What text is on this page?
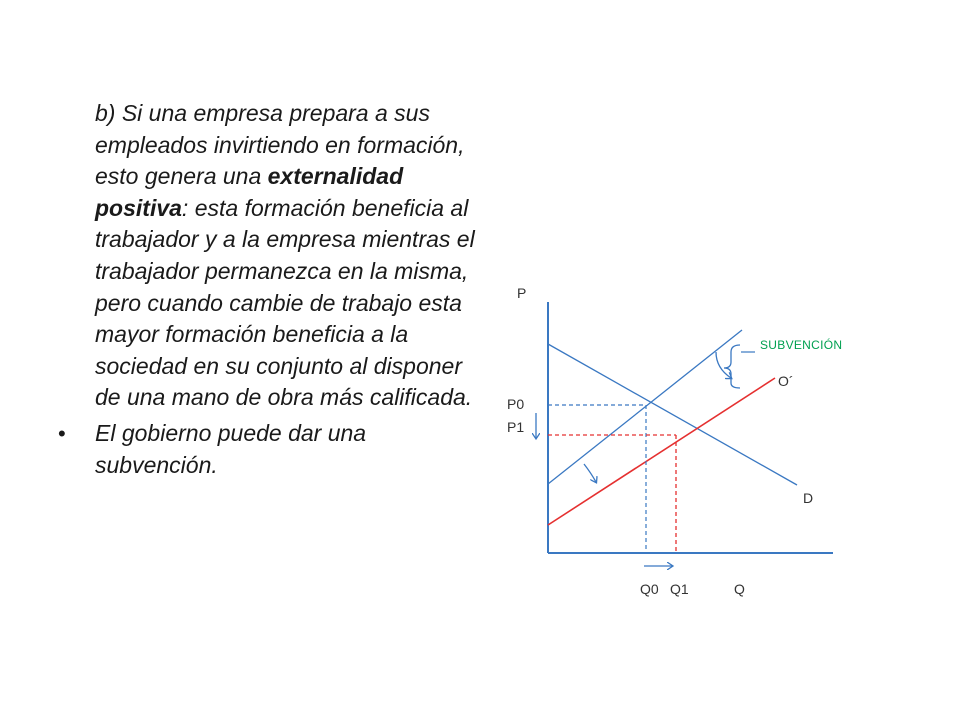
b) Si una empresa prepara a sus empleados invirtiendo en formación, esto genera una externalidad positiva: esta formación beneficia al trabajador y a la empresa mientras el trabajador permanezca en la misma, pero cuando cambie de trabajo esta mayor formación beneficia a la sociedad en su conjunto al disponer de una mano de obra más calificada.

• El gobierno puede dar una subvención.
P
Q
D
O´
SUBVENCIÓN
P0
P1
Q0 Q1
